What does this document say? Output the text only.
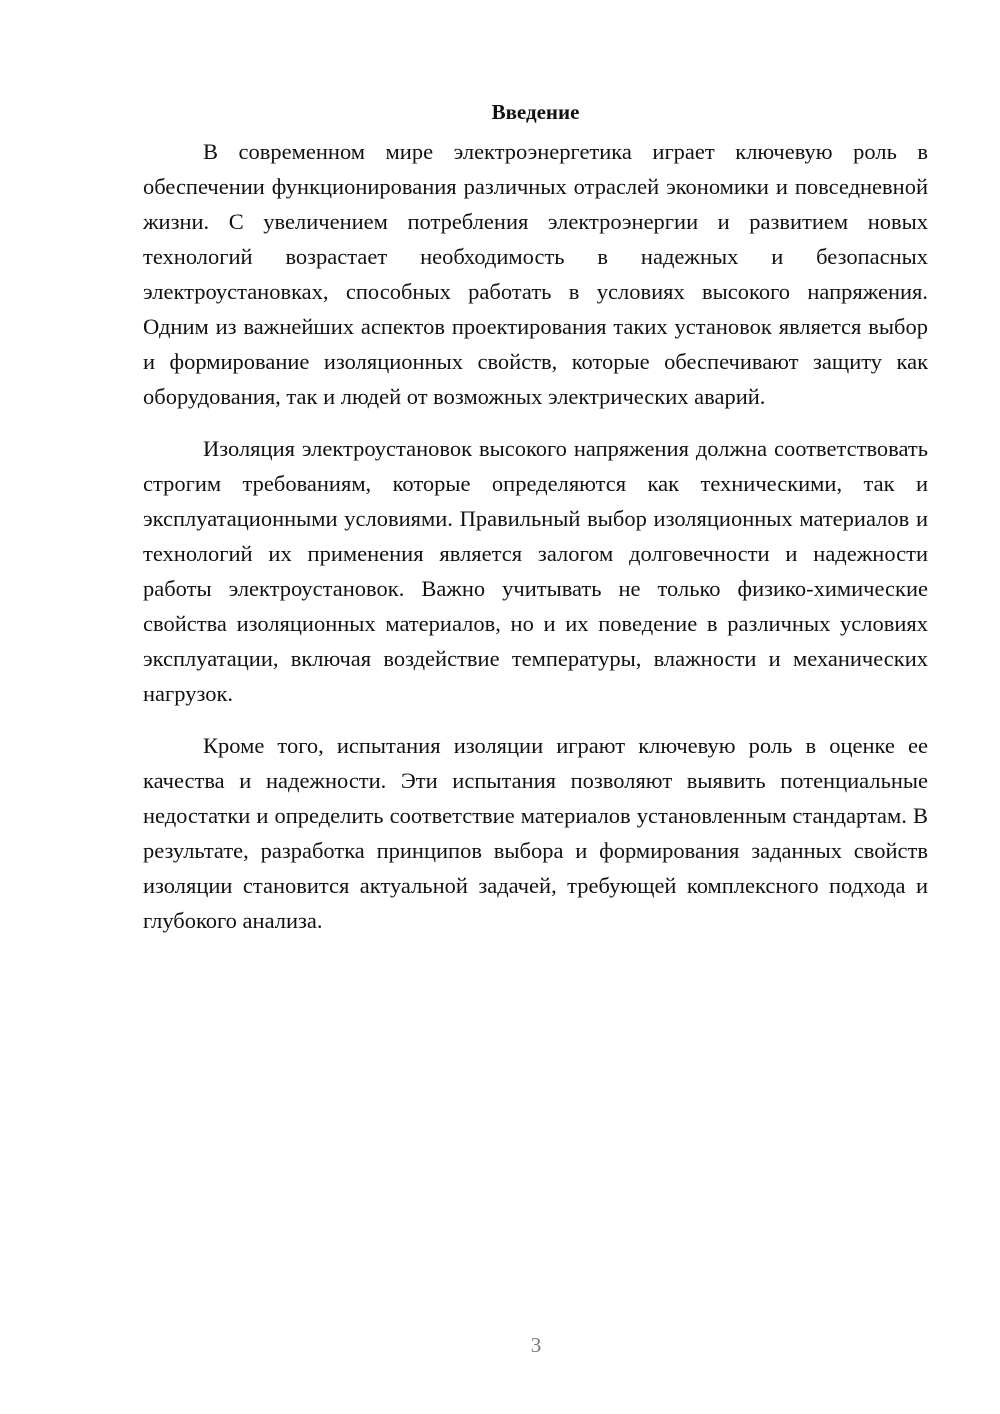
Введение

В современном мире электроэнергетика играет ключевую роль в обеспечении функционирования различных отраслей экономики и повседневной жизни. С увеличением потребления электроэнергии и развитием новых технологий возрастает необходимость в надежных и безопасных электроустановках, способных работать в условиях высокого напряжения. Одним из важнейших аспектов проектирования таких установок является выбор и формирование изоляционных свойств, которые обеспечивают защиту как оборудования, так и людей от возможных электрических аварий.

Изоляция электроустановок высокого напряжения должна соответствовать строгим требованиям, которые определяются как техническими, так и эксплуатационными условиями. Правильный выбор изоляционных материалов и технологий их применения является залогом долговечности и надежности работы электроустановок. Важно учитывать не только физико-химические свойства изоляционных материалов, но и их поведение в различных условиях эксплуатации, включая воздействие температуры, влажности и механических нагрузок.

Кроме того, испытания изоляции играют ключевую роль в оценке ее качества и надежности. Эти испытания позволяют выявить потенциальные недостатки и определить соответствие материалов установленным стандартам. В результате, разработка принципов выбора и формирования заданных свойств изоляции становится актуальной задачей, требующей комплексного подхода и глубокого анализа.

3
